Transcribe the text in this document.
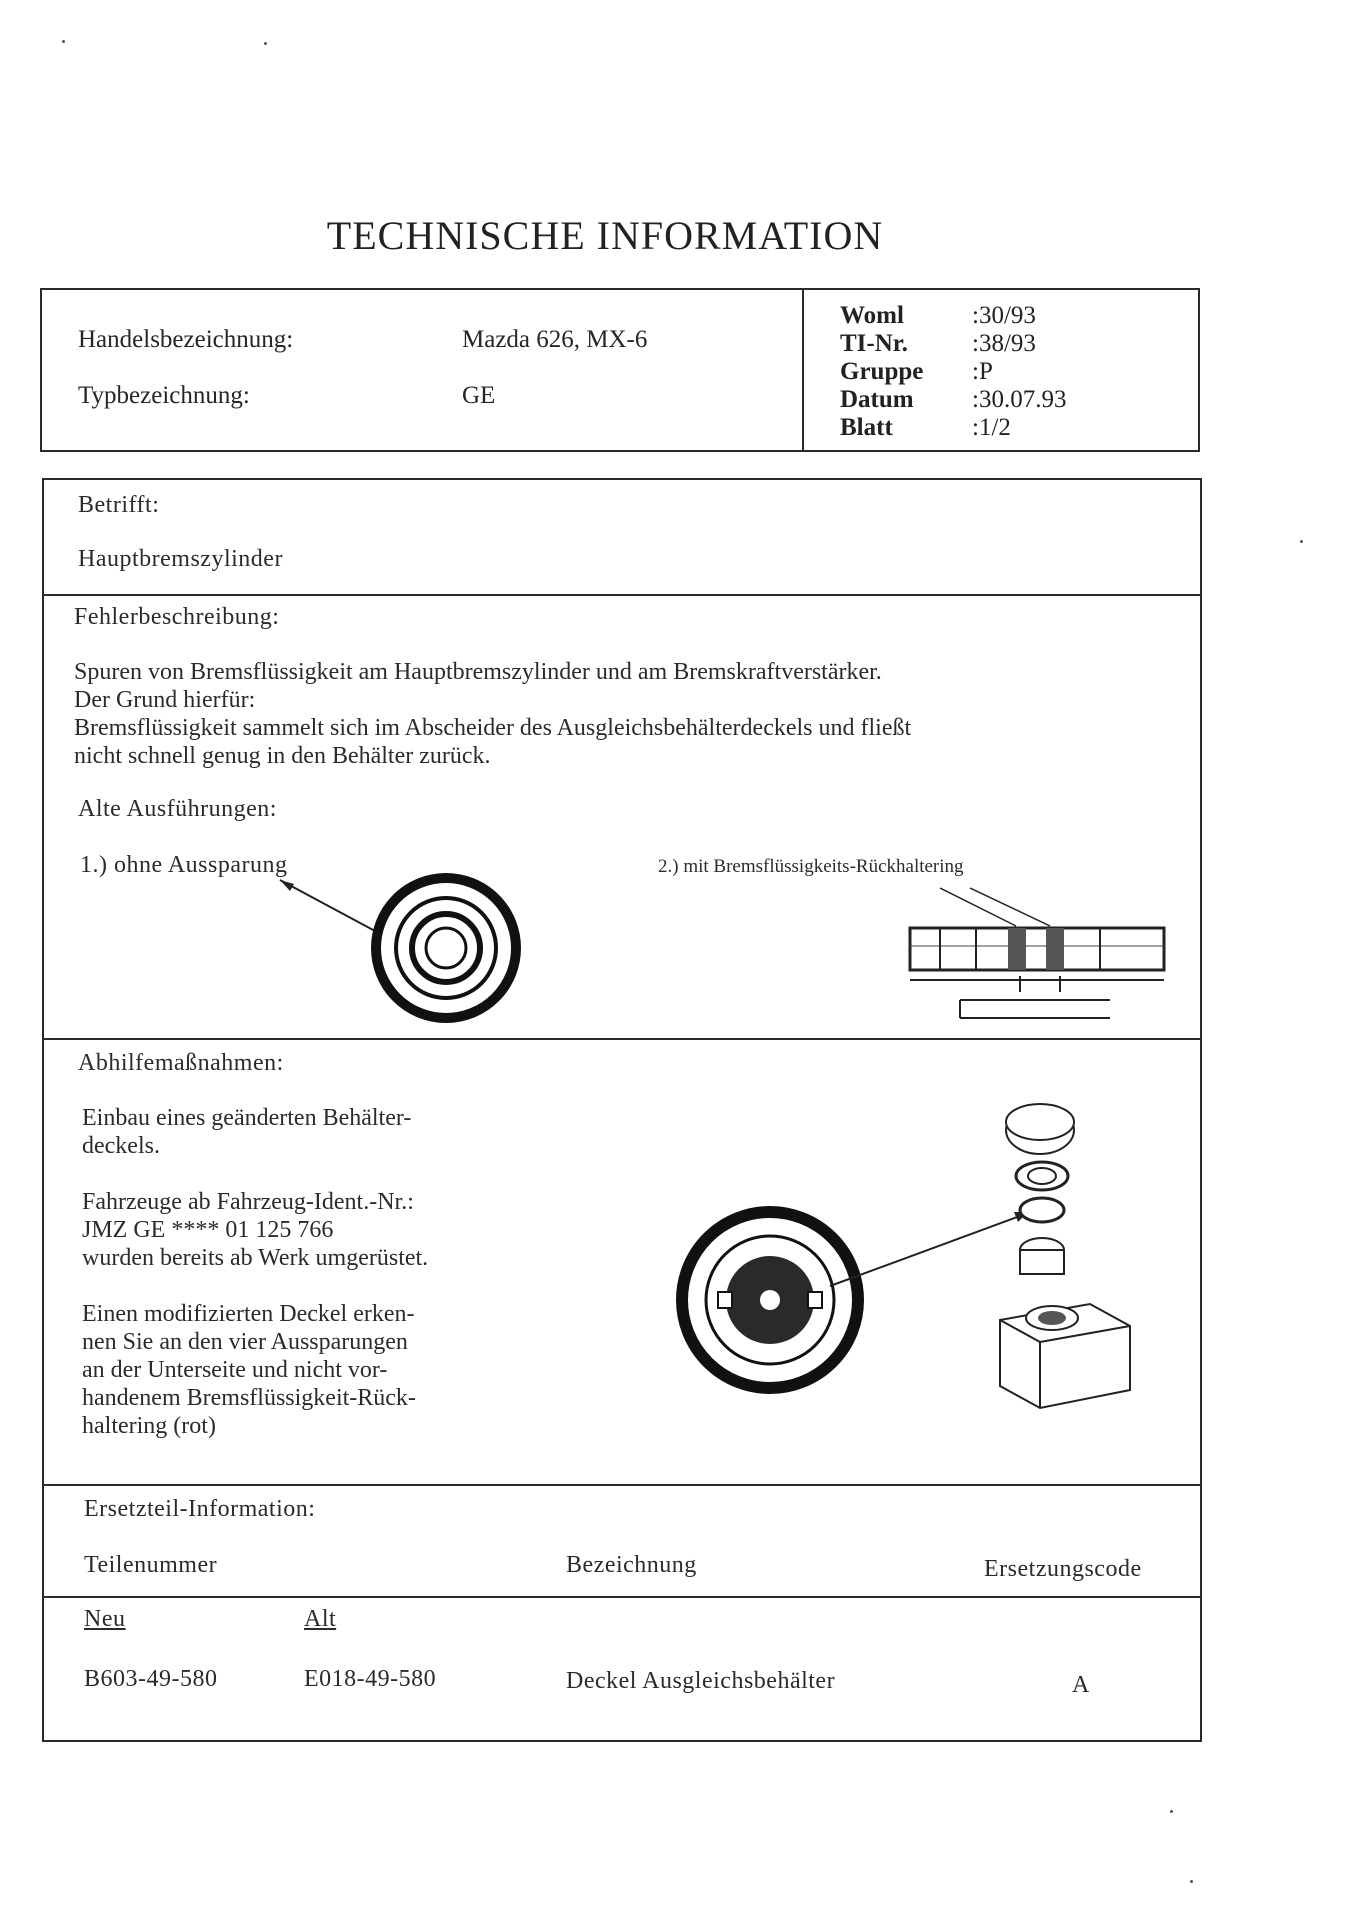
TECHNISCHE INFORMATION
Handelsbezeichnung:	Mazda 626, MX-6
Typbezeichnung:	GE
Woml	:30/93
TI-Nr.	:38/93
Gruppe :P
Datum :30.07.93
Blatt	:1/2
Betrifft:
Hauptbremszylinder
Fehlerbeschreibung:
Spuren von Bremsflüssigkeit am Hauptbremszylinder und am Bremskraftverstärker.
Der Grund hierfür:
Bremsflüssigkeit sammelt sich im Abscheider des Ausgleichsbehälterdeckels und fließt
nicht schnell genug in den Behälter zurück.
Alte Ausführungen:
1.) ohne Aussparung	2.) mit Bremsflüssigkeits-Rückhaltering
Abhilfemaßnahmen:
Einbau eines geänderten Behälter-
deckels.
Fahrzeuge ab Fahrzeug-Ident.-Nr.:
JMZ GE **** 01 125 766
wurden bereits ab Werk umgerüstet.
Einen modifizierten Deckel erken-
nen Sie an den vier Aussparungen
an der Unterseite und nicht vor-
handenem Bremsflüssigkeit-Rück-
haltering (rot)
Ersetzteil-Information:
Teilenummer	Bezeichnung	Ersetzungscode
Neu	Alt
B603-49-580	E018-49-580	Deckel Ausgleichsbehälter	A
